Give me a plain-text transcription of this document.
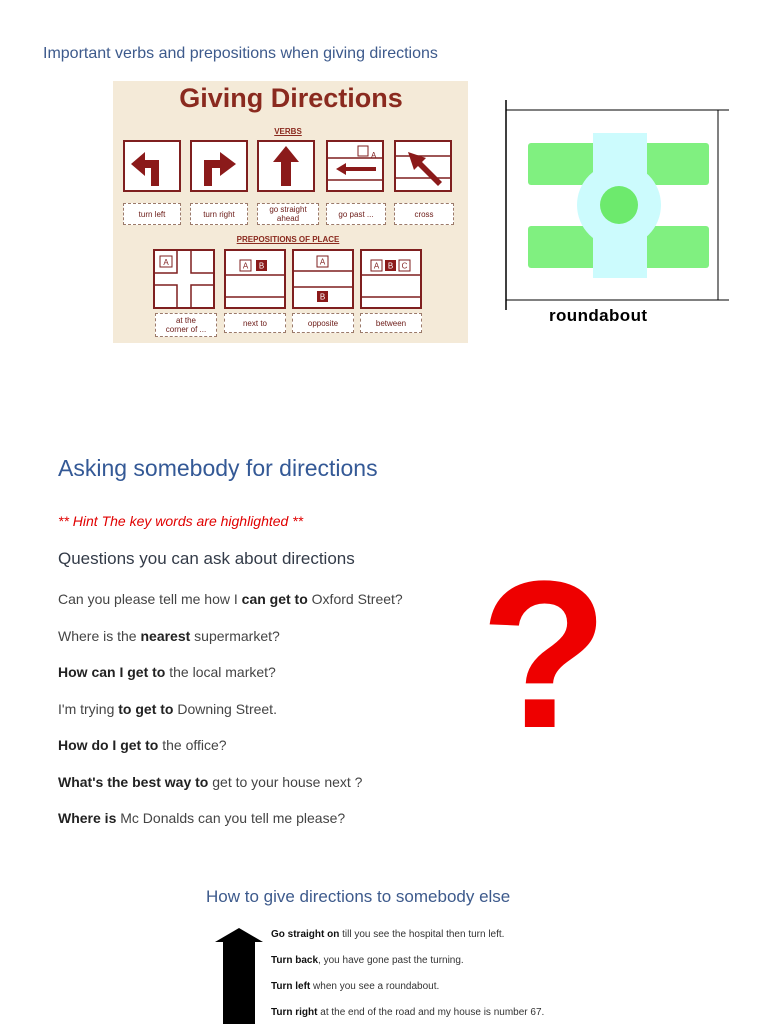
Important verbs and prepositions when giving directions
Giving Directions
VERBS
A
turn left	turn right	go straight
ahead	go past ...	cross
PREPOSITIONS OF PLACE
A	A B	A
B
A B C
at the
corner of ...
next to	opposite	between	roundabout
Asking somebody for directions
** Hint The key words are highlighted **
Questions you can ask about directions
Can you please tell me how I can get to Oxford Street?
Where is the nearest supermarket?
How can I get to the local market?
I'm trying to get to Downing Street.
How do I get to the office?
What's the best way to get to your house next ?
Where is Mc Donalds can you tell me please?
?
How to give directions to somebody else
Go straight on till you see the hospital then turn left.
Turn back, you have gone past the turning.
Turn left when you see a roundabout.
Turn right at the end of the road and my house is number 67.
